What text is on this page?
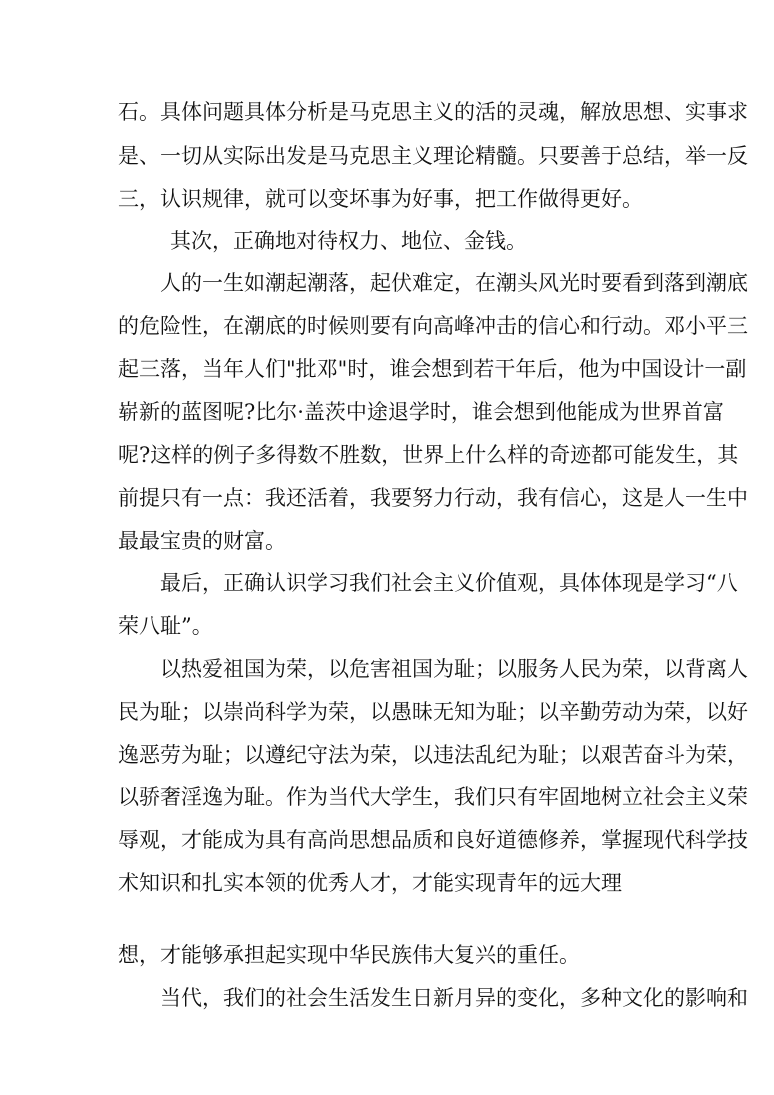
石。具体问题具体分析是马克思主义的活的灵魂，解放思想、实事求
是、一切从实际出发是马克思主义理论精髓。只要善于总结，举一反
三，认识规律，就可以变坏事为好事，把工作做得更好。
其次，正确地对待权力、地位、金钱。
人的一生如潮起潮落，起伏难定，在潮头风光时要看到落到潮底
的危险性，在潮底的时候则要有向高峰冲击的信心和行动。邓小平三
起三落，当年人们"批邓"时，谁会想到若干年后，他为中国设计一副
崭新的蓝图呢?比尔·盖茨中途退学时，谁会想到他能成为世界首富
呢?这样的例子多得数不胜数，世界上什么样的奇迹都可能发生，其
前提只有一点：我还活着，我要努力行动，我有信心，这是人一生中
最最宝贵的财富。
最后，正确认识学习我们社会主义价值观，具体体现是学习“八
荣八耻”。
以热爱祖国为荣，以危害祖国为耻；以服务人民为荣，以背离人
民为耻；以崇尚科学为荣，以愚昧无知为耻；以辛勤劳动为荣，以好
逸恶劳为耻；以遵纪守法为荣，以违法乱纪为耻；以艰苦奋斗为荣，
以骄奢淫逸为耻。作为当代大学生，我们只有牢固地树立社会主义荣
辱观，才能成为具有高尚思想品质和良好道德修养，掌握现代科学技
术知识和扎实本领的优秀人才，才能实现青年的远大理
想，才能够承担起实现中华民族伟大复兴的重任。
当代，我们的社会生活发生日新月异的变化，多种文化的影响和
